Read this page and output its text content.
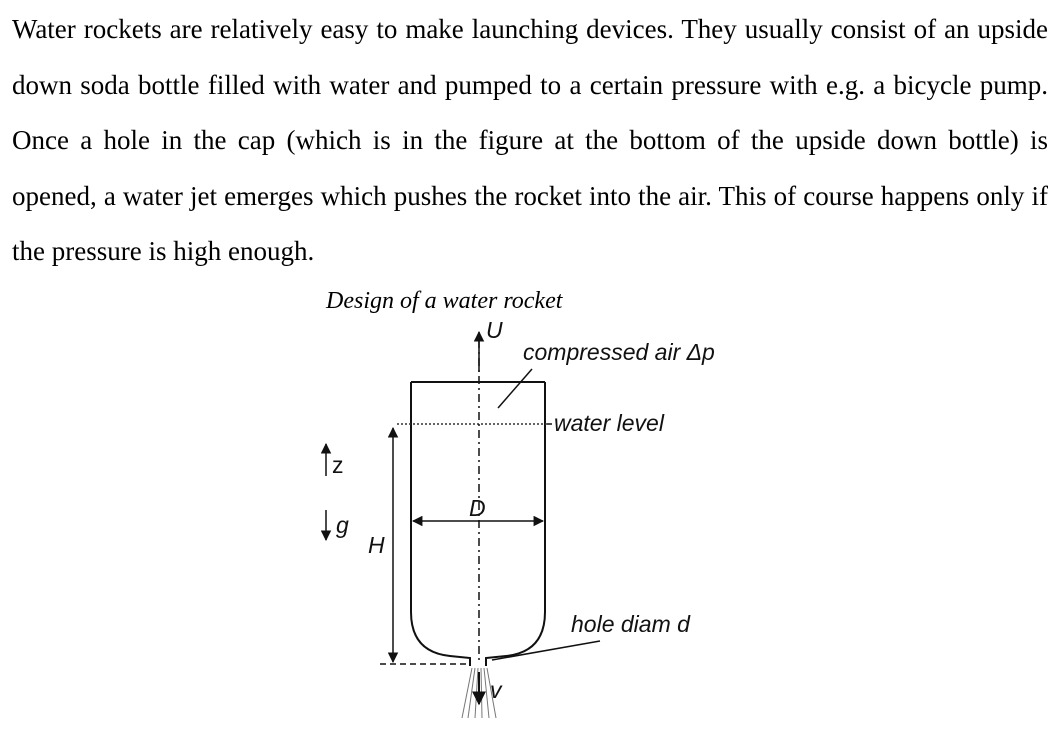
Water rockets are relatively easy to make launching devices. They usually consist of an upside down soda bottle filled with water and pumped to a certain pressure with e.g. a bicycle pump. Once a hole in the cap (which is in the figure at the bottom of the upside down bottle) is opened, a water jet emerges which pushes the rocket into the air. This of course happens only if the pressure is high enough.

Design of a water rocket

U
compressed air Δp
water level
z
g
D
H
hole diam d
v
